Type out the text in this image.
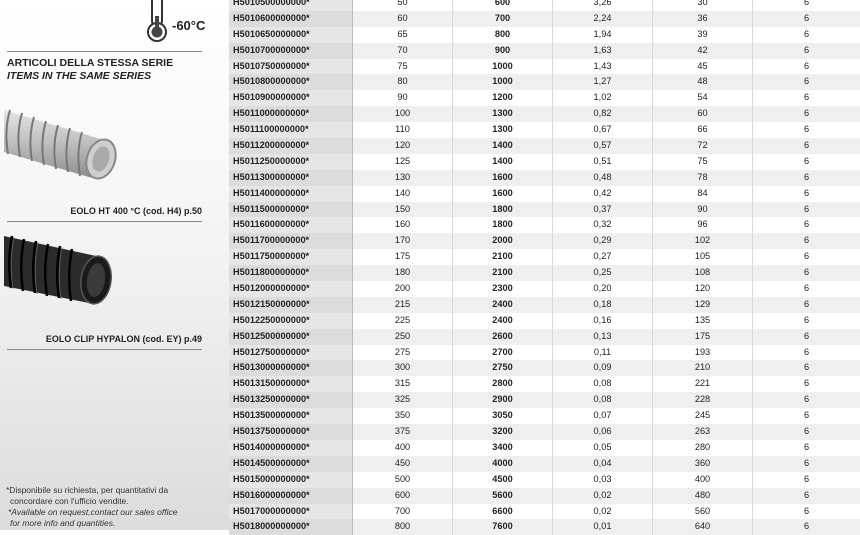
-60°C
ARTICOLI DELLA STESSA SERIE
ITEMS IN THE SAME SERIES
EOLO HT 400 °C (cod. H4) p.50
EOLO CLIP HYPALON (cod. EY) p.49
*Disponibile su richiesta, per quantitativi da
concordare con l'ufficio vendite.
*Available on request,contact our sales office
for more info and quantities.
H5010500000000*	50	600	3,26	30	6
H5010600000000*	60	700	2,24	36	6
H5010650000000*	65	800	1,94	39	6
H5010700000000*	70	900	1,63	42	6
H5010750000000*	75	1000	1,43	45	6
H5010800000000*	80	1000	1,27	48	6
H5010900000000*	90	1200	1,02	54	6
H5011000000000*	100	1300	0,82	60	6
H5011100000000*	110	1300	0,67	66	6
H5011200000000*	120	1400	0,57	72	6
H5011250000000*	125	1400	0,51	75	6
H5011300000000*	130	1600	0,48	78	6
H5011400000000*	140	1600	0,42	84	6
H5011500000000*	150	1800	0,37	90	6
H5011600000000*	160	1800	0,32	96	6
H5011700000000*	170	2000	0,29	102	6
H5011750000000*	175	2100	0,27	105	6
H5011800000000*	180	2100	0,25	108	6
H5012000000000*	200	2300	0,20	120	6
H5012150000000*	215	2400	0,18	129	6
H5012250000000*	225	2400	0,16	135	6
H5012500000000*	250	2600	0,13	175	6
H5012750000000*	275	2700	0,11	193	6
H5013000000000*	300	2750	0,09	210	6
H5013150000000*	315	2800	0,08	221	6
H5013250000000*	325	2900	0,08	228	6
H5013500000000*	350	3050	0,07	245	6
H5013750000000*	375	3200	0,06	263	6
H5014000000000*	400	3400	0,05	280	6
H5014500000000*	450	4000	0,04	360	6
H5015000000000*	500	4500	0,03	400	6
H5016000000000*	600	5600	0,02	480	6
H5017000000000*	700	6600	0,02	560	6
H5018000000000*	800	7600	0,01	640	6
